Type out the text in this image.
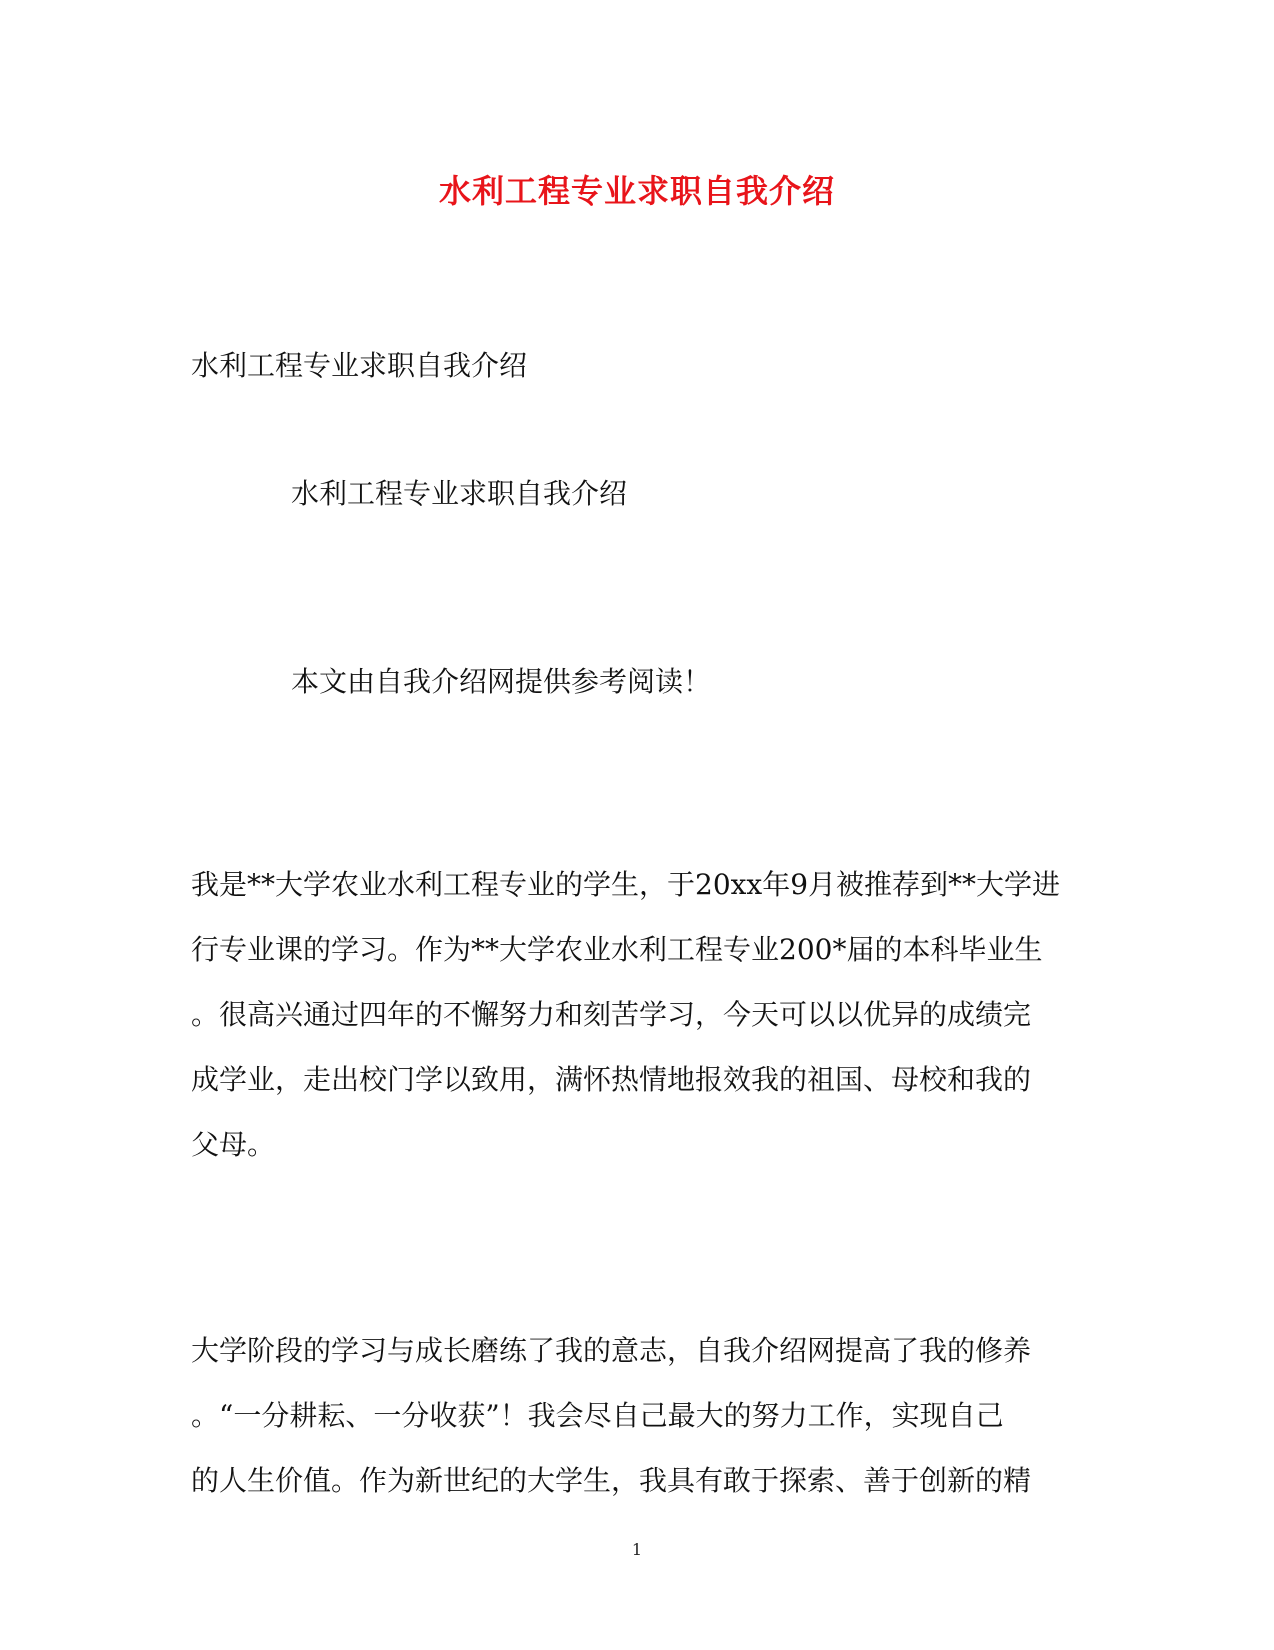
水利工程专业求职自我介绍
水利工程专业求职自我介绍
水利工程专业求职自我介绍
本文由自我介绍网提供参考阅读！
我是**大学农业水利工程专业的学生，于20xx年9月被推荐到**大学进
行专业课的学习。作为**大学农业水利工程专业200*届的本科毕业生
。很高兴通过四年的不懈努力和刻苦学习，今天可以以优异的成绩完
成学业，走出校门学以致用，满怀热情地报效我的祖国、母校和我的
父母。
大学阶段的学习与成长磨练了我的意志，自我介绍网提高了我的修养
。“一分耕耘、一分收获”！我会尽自己最大的努力工作，实现自己
的人生价值。作为新世纪的大学生，我具有敢于探索、善于创新的精
1
